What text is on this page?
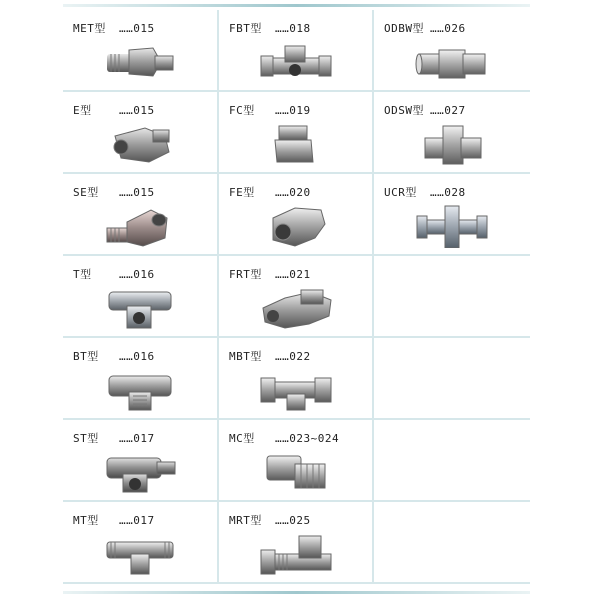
MET型 ……015	FBT型 ……018	ODBW型 ……026
E型 ……015	FC型 ……019	ODSW型 ……027
SE型 ……015	FE型 ……020	UCR型 ……028
T型 ……016	FRT型 ……021
BT型 ……016	MBT型 ……022
ST型 ……017	MC型 ……023~024
MT型 ……017	MRT型 ……025
